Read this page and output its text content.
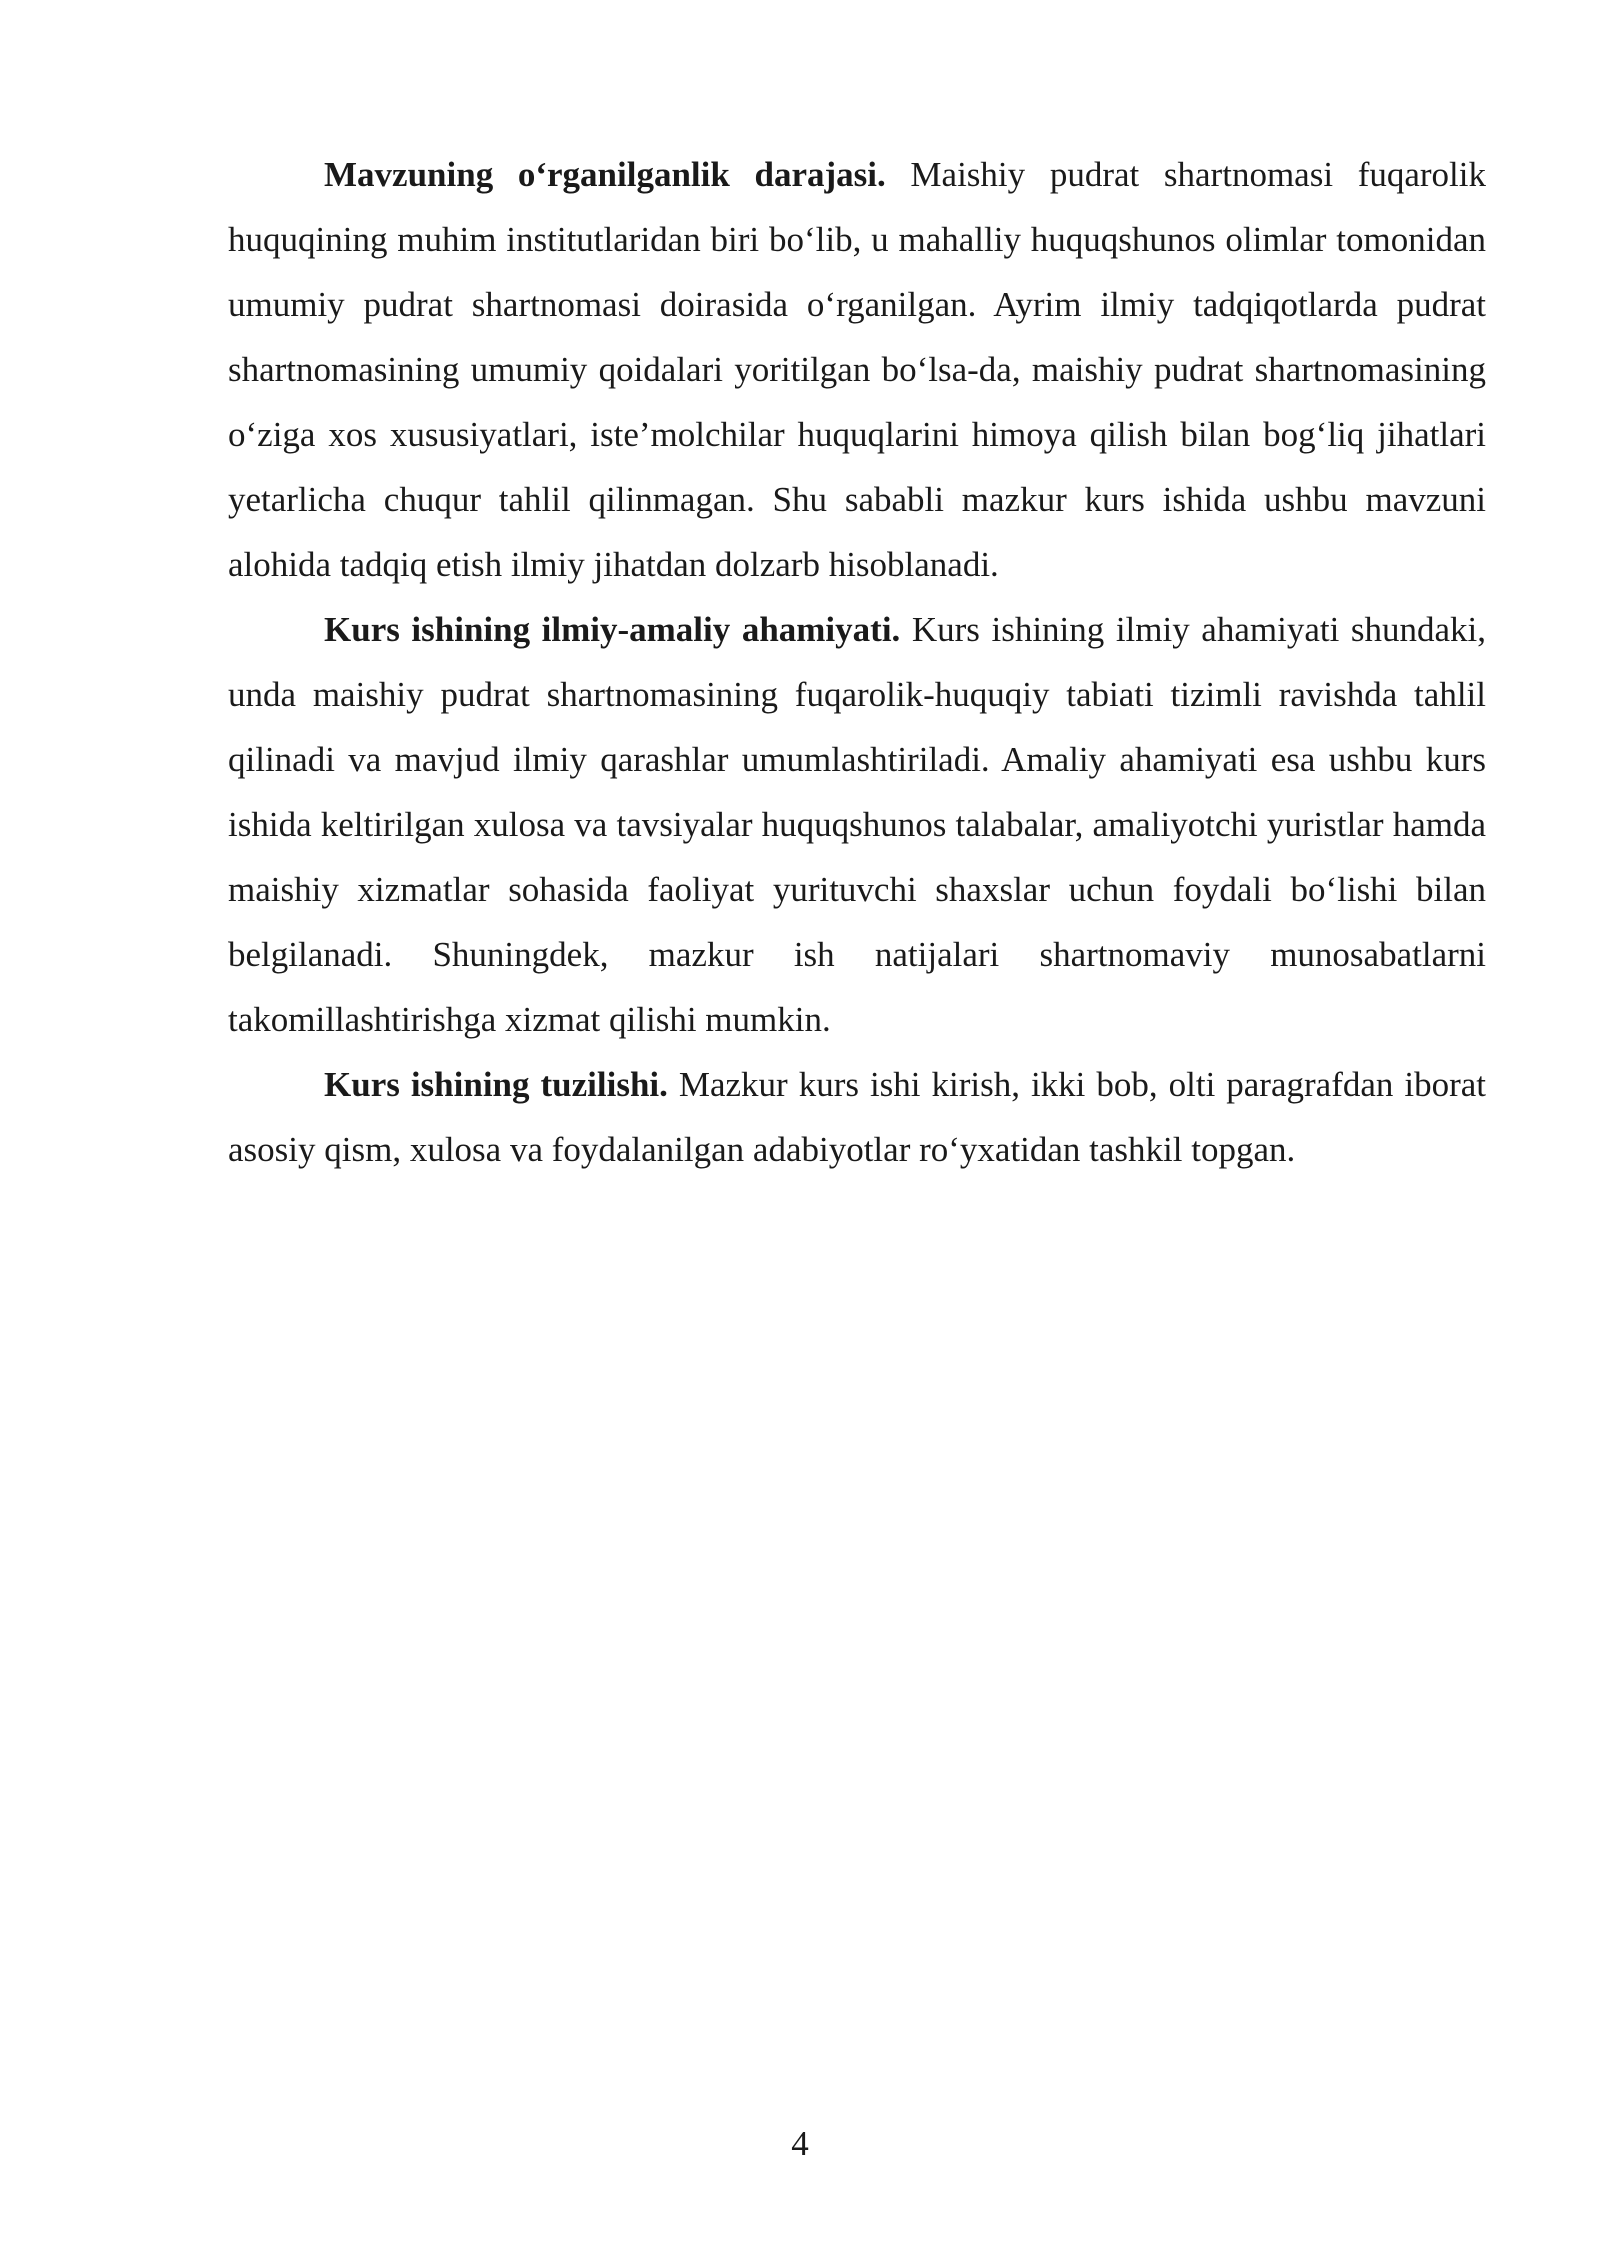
Mavzuning o‘rganilganlik darajasi. Maishiy pudrat shartnomasi fuqarolik huquqining muhim institutlaridan biri bo‘lib, u mahalliy huquqshunos olimlar tomonidan umumiy pudrat shartnomasi doirasida o‘rganilgan. Ayrim ilmiy tadqiqotlarda pudrat shartnomasining umumiy qoidalari yoritilgan bo‘lsa-da, maishiy pudrat shartnomasining o‘ziga xos xususiyatlari, iste’molchilar huquqlarini himoya qilish bilan bog‘liq jihatlari yetarlicha chuqur tahlil qilinmagan. Shu sababli mazkur kurs ishida ushbu mavzuni alohida tadqiq etish ilmiy jihatdan dolzarb hisoblanadi.

Kurs ishining ilmiy-amaliy ahamiyati. Kurs ishining ilmiy ahamiyati shundaki, unda maishiy pudrat shartnomasining fuqarolik-huquqiy tabiati tizimli ravishda tahlil qilinadi va mavjud ilmiy qarashlar umumlashtiriladi. Amaliy ahamiyati esa ushbu kurs ishida keltirilgan xulosa va tavsiyalar huquqshunos talabalar, amaliyotchi yuristlar hamda maishiy xizmatlar sohasida faoliyat yurituvchi shaxslar uchun foydali bo‘lishi bilan belgilanadi. Shuningdek, mazkur ish natijalari shartnomaviy munosabatlarni takomillashtirishga xizmat qilishi mumkin.

Kurs ishining tuzilishi. Mazkur kurs ishi kirish, ikki bob, olti paragrafdan iborat asosiy qism, xulosa va foydalanilgan adabiyotlar ro‘yxatidan tashkil topgan.

4
